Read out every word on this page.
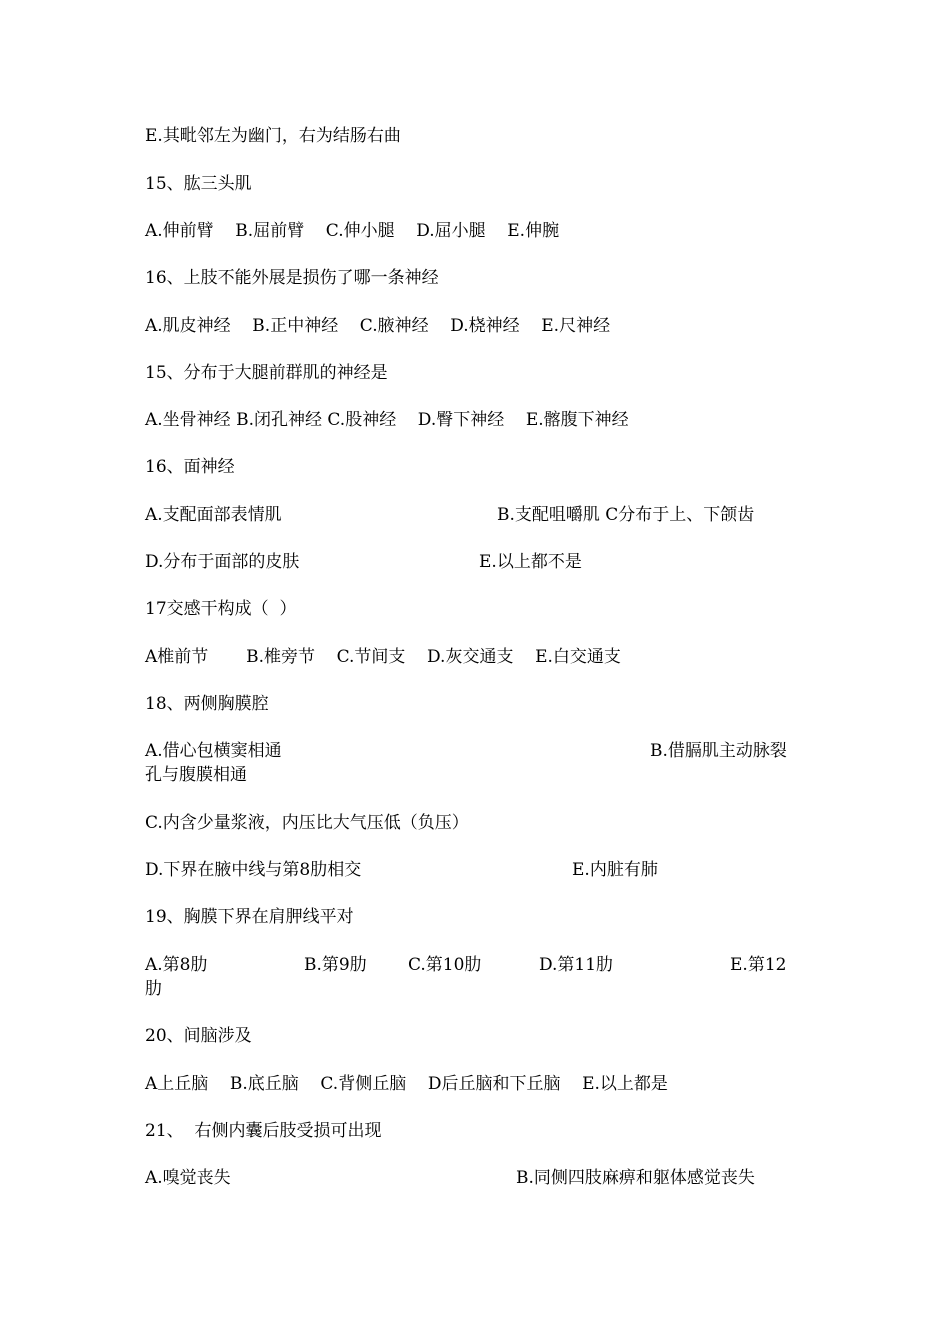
E.其毗邻左为幽门，右为结肠右曲
15、肱三头肌
A.伸前臂    B.屈前臂    C.伸小腿    D.屈小腿    E.伸腕
16、上肢不能外展是损伤了哪一条神经
A.肌皮神经    B.正中神经    C.腋神经    D.桡神经    E.尺神经
15、分布于大腿前群肌的神经是
A.坐骨神经 B.闭孔神经 C.股神经    D.臀下神经    E.髂腹下神经
16、面神经
A.支配面部表情肌	B.支配咀嚼肌 C分布于上、下颌齿
D.分布于面部的皮肤	E.以上都不是
17交感干构成（  ）
A椎前节       B.椎旁节    C.节间支    D.灰交通支    E.白交通支
18、两侧胸膜腔
A.借心包横窦相通	B.借膈肌主动脉裂
孔与腹膜相通
C.内含少量浆液，内压比大气压低（负压）
D.下界在腋中线与第8肋相交	E.内脏有肺
19、胸膜下界在肩胛线平对
A.第8肋	B.第9肋 C.第10肋	D.第11肋	E.第12
肋
20、间脑涉及
A上丘脑    B.底丘脑    C.背侧丘脑    D后丘脑和下丘脑    E.以上都是
21、  右侧内囊后肢受损可出现
A.嗅觉丧失	B.同侧四肢麻痹和躯体感觉丧失
